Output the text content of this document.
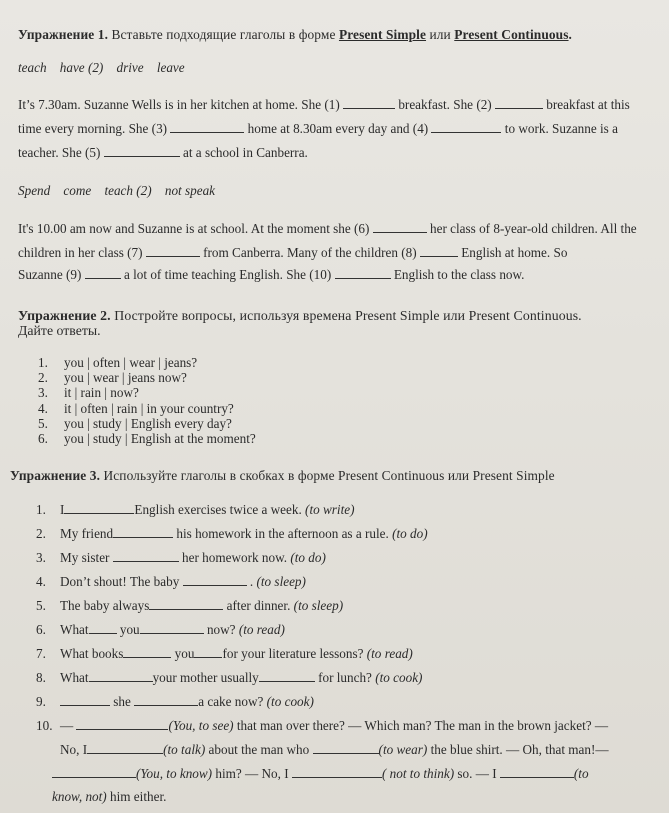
Упражнение 1. Вставьте подходящие глаголы в форме Present Simple или Present Continuous.
teach have (2) drive leave
It’s 7.30am. Suzanne Wells is in her kitchen at home. She (1)	breakfast. She (2)	breakfast at this
time every morning. She (3)	home at 8.30am every day and (4)	to work. Suzanne is a
teacher. She (5)	at a school in Canberra.
Spend come teach (2) not speak
It's 10.00 am now and Suzanne is at school. At the moment she (6)	her class of 8-year-old children. All the
children in her class (7)	from Canberra. Many of the children (8)	English at home. So
Suzanne (9)	a lot of time teaching English. She (10)	English to the class now.
Упражнение 2. Постройте вопросы, используя времена Present Simple или Present Continuous.
Дайте ответы.
1. you | often | wear | jeans?
2. you | wear | jeans now?
3. it | rain | now?
4. it | often | rain | in your country?
5. you | study | English every day?
6. you | study | English at the moment?
Упражнение 3. Используйте глаголы в скобках в форме Present Continuous или Present Simple
1. I	English exercises twice a week. (to write)
2. My friend	his homework in the afternoon as a rule. (to do)
3. My sister	her homework now. (to do)
4. Don’t shout! The baby	. (to sleep)
5. The baby always	after dinner. (to sleep)
6. What you	now? (to read)
7. What books	you for your literature lessons? (to read)
8. What	your mother usually	for lunch? (to cook)
9.	she	a cake now? (to cook)
10. —	(You, to see) that man over there? — Which man? The man in the brown jacket? —
No, I	(to talk) about the man who	(to wear) the blue shirt. — Oh, that man!—
(You, to know) him? — No, I	( not to think) so. — I	(to
know, not) him either.
